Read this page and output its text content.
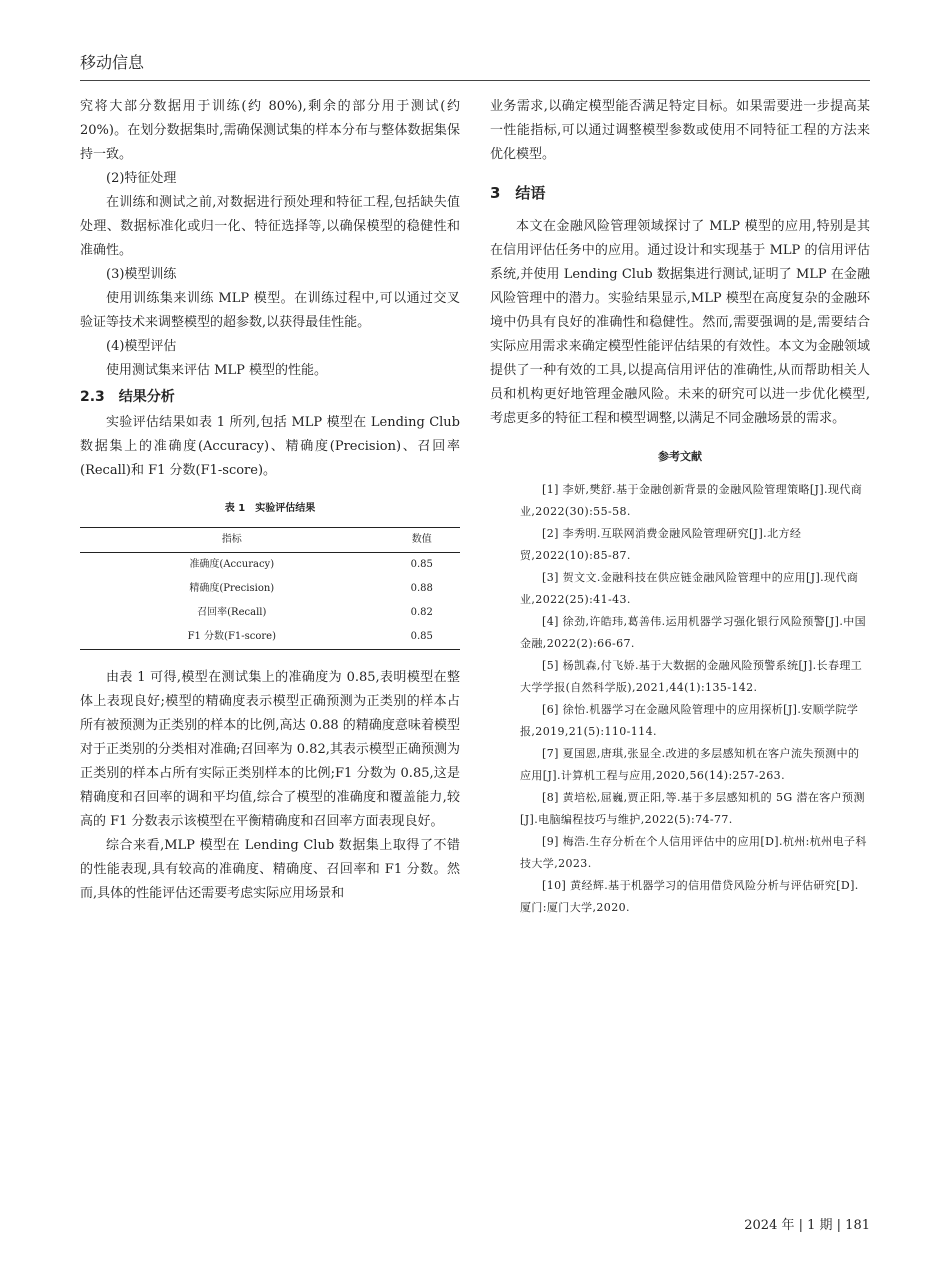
移动信息

究将大部分数据用于训练(约 80%),剩余的部分用于测试(约 20%)。在划分数据集时,需确保测试集的样本分布与整体数据集保持一致。

(2)特征处理

在训练和测试之前,对数据进行预处理和特征工程,包括缺失值处理、数据标准化或归一化、特征选择等,以确保模型的稳健性和准确性。

(3)模型训练

使用训练集来训练 MLP 模型。在训练过程中,可以通过交叉验证等技术来调整模型的超参数,以获得最佳性能。

(4)模型评估

使用测试集来评估 MLP 模型的性能。

2.3　结果分析

实验评估结果如表 1 所列,包括 MLP 模型在 Lending Club 数据集上的准确度(Accuracy)、精确度(Precision)、召回率(Recall)和 F1 分数(F1-score)。

表 1　实验评估结果
指标	数值
准确度(Accuracy)	0.85
精确度(Precision)	0.88
召回率(Recall)	0.82
F1 分数(F1-score)	0.85

由表 1 可得,模型在测试集上的准确度为 0.85,表明模型在整体上表现良好;模型的精确度表示模型正确预测为正类别的样本占所有被预测为正类别的样本的比例,高达 0.88 的精确度意味着模型对于正类别的分类相对准确;召回率为 0.82,其表示模型正确预测为正类别的样本占所有实际正类别样本的比例;F1 分数为 0.85,这是精确度和召回率的调和平均值,综合了模型的准确度和覆盖能力,较高的 F1 分数表示该模型在平衡精确度和召回率方面表现良好。

综合来看,MLP 模型在 Lending Club 数据集上取得了不错的性能表现,具有较高的准确度、精确度、召回率和 F1 分数。然而,具体的性能评估还需要考虑实际应用场景和

业务需求,以确定模型能否满足特定目标。如果需要进一步提高某一性能指标,可以通过调整模型参数或使用不同特征工程的方法来优化模型。

3　结语

本文在金融风险管理领域探讨了 MLP 模型的应用,特别是其在信用评估任务中的应用。通过设计和实现基于 MLP 的信用评估系统,并使用 Lending Club 数据集进行测试,证明了 MLP 在金融风险管理中的潜力。实验结果显示,MLP 模型在高度复杂的金融环境中仍具有良好的准确性和稳健性。然而,需要强调的是,需要结合实际应用需求来确定模型性能评估结果的有效性。本文为金融领域提供了一种有效的工具,以提高信用评估的准确性,从而帮助相关人员和机构更好地管理金融风险。未来的研究可以进一步优化模型,考虑更多的特征工程和模型调整,以满足不同金融场景的需求。

参考文献

[1] 李妍,樊舒.基于金融创新背景的金融风险管理策略[J].现代商业,2022(30):55-58.

[2] 李秀明.互联网消费金融风险管理研究[J].北方经贸,2022(10):85-87.

[3] 贺文文.金融科技在供应链金融风险管理中的应用[J].现代商业,2022(25):41-43.

[4] 徐劲,许皓玮,葛善伟.运用机器学习强化银行风险预警[J].中国金融,2022(2):66-67.

[5] 杨凯森,付飞娇.基于大数据的金融风险预警系统[J].长春理工大学学报(自然科学版),2021,44(1):135-142.

[6] 徐怡.机器学习在金融风险管理中的应用探析[J].安顺学院学报,2019,21(5):110-114.

[7] 夏国恩,唐琪,张显全.改进的多层感知机在客户流失预测中的应用[J].计算机工程与应用,2020,56(14):257-263.

[8] 黄培松,屈巍,贾正阳,等.基于多层感知机的 5G 潜在客户预测[J].电脑编程技巧与维护,2022(5):74-77.

[9] 梅浩.生存分析在个人信用评估中的应用[D].杭州:杭州电子科技大学,2023.

[10] 黄经辉.基于机器学习的信用借贷风险分析与评估研究[D].厦门:厦门大学,2020.

2024 年 | 1 期 | 181
